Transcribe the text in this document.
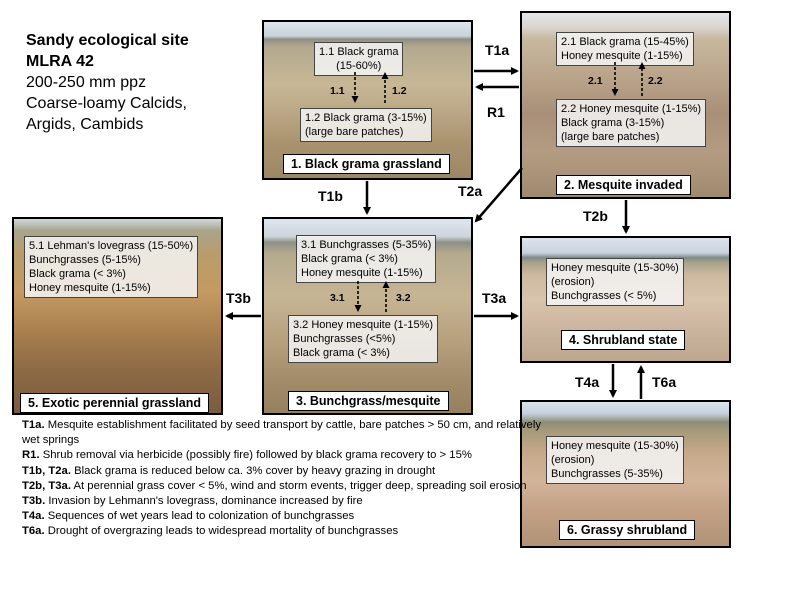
Sandy ecological site
MLRA 42
200-250 mm ppz
Coarse-loamy Calcids,
Argids, Cambids
1.1 Black grama
(15-60%)
1.1	1.2
1.2 Black grama (3-15%)
(large bare patches)
1. Black grama grassland
2.1 Black grama (15-45%)
Honey mesquite (1-15%)
2.1	2.2
2.2 Honey mesquite (1-15%)
Black grama (3-15%)
(large bare patches)
2. Mesquite invaded
3.1 Bunchgrasses (5-35%)
Black grama (< 3%)
Honey mesquite (1-15%)
3.1	3.2
3.2 Honey mesquite (1-15%)
Bunchgrasses (<5%)
Black grama (< 3%)
3. Bunchgrass/mesquite
Honey mesquite (15-30%)
(erosion)
Bunchgrasses (< 5%)
4. Shrubland state
5.1 Lehman's lovegrass (15-50%)
Bunchgrasses (5-15%)
Black grama (< 3%)
Honey mesquite (1-15%)
5. Exotic perennial grassland
Honey mesquite (15-30%)
(erosion)
Bunchgrasses (5-35%)
6. Grassy shrubland
T1a
R1
T1b	T2a
T2b
T3a
T3b
T4a	T6a

T1a. Mesquite establishment facilitated by seed transport by cattle, bare patches > 50 cm, and relatively wet springs

R1. Shrub removal via herbicide (possibly fire) followed by black grama recovery to > 15%

T1b, T2a. Black grama is reduced below ca. 3% cover by heavy grazing in drought

T2b, T3a. At perennial grass cover < 5%, wind and storm events, trigger deep, spreading soil erosion

T3b. Invasion by Lehmann's lovegrass, dominance increased by fire

T4a. Sequences of wet years lead to colonization of bunchgrasses

T6a. Drought of overgrazing leads to widespread mortality of bunchgrasses
